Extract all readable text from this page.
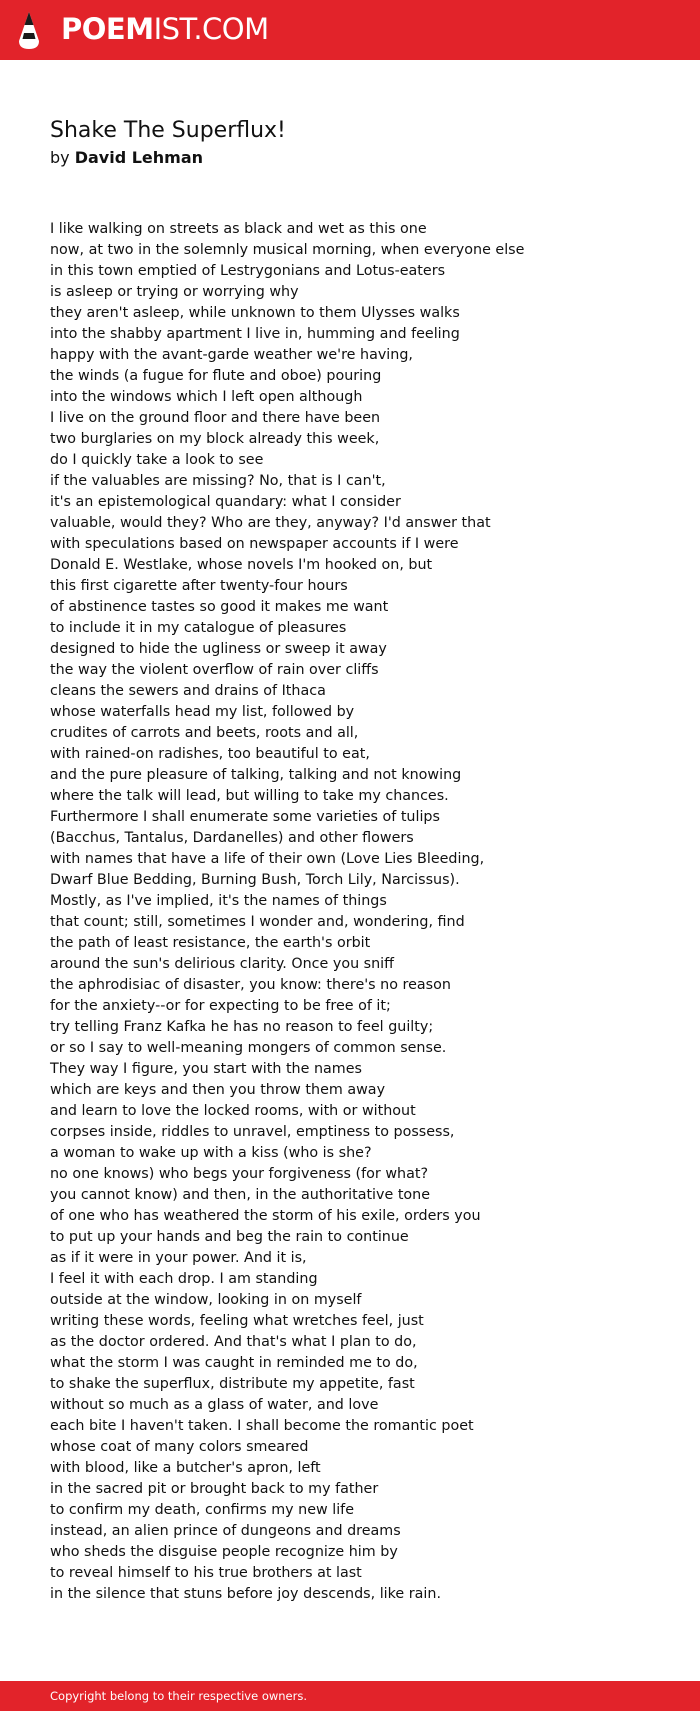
POEMIST.COM
Shake The Superflux!
by David Lehman
I like walking on streets as black and wet as this one
now, at two in the solemnly musical morning, when everyone else
in this town emptied of Lestrygonians and Lotus-eaters
is asleep or trying or worrying why
they aren't asleep, while unknown to them Ulysses walks
into the shabby apartment I live in, humming and feeling
happy with the avant-garde weather we're having,
the winds (a fugue for flute and oboe) pouring
into the windows which I left open although
I live on the ground floor and there have been
two burglaries on my block already this week,
do I quickly take a look to see
if the valuables are missing? No, that is I can't,
it's an epistemological quandary: what I consider
valuable, would they? Who are they, anyway? I'd answer that
with speculations based on newspaper accounts if I were
Donald E. Westlake, whose novels I'm hooked on, but
this first cigarette after twenty-four hours
of abstinence tastes so good it makes me want
to include it in my catalogue of pleasures
designed to hide the ugliness or sweep it away
the way the violent overflow of rain over cliffs
cleans the sewers and drains of Ithaca
whose waterfalls head my list, followed by
crudites of carrots and beets, roots and all,
with rained-on radishes, too beautiful to eat,
and the pure pleasure of talking, talking and not knowing
where the talk will lead, but willing to take my chances.
Furthermore I shall enumerate some varieties of tulips
(Bacchus, Tantalus, Dardanelles) and other flowers
with names that have a life of their own (Love Lies Bleeding,
Dwarf Blue Bedding, Burning Bush, Torch Lily, Narcissus).
Mostly, as I've implied, it's the names of things
that count; still, sometimes I wonder and, wondering, find
the path of least resistance, the earth's orbit
around the sun's delirious clarity. Once you sniff
the aphrodisiac of disaster, you know: there's no reason
for the anxiety--or for expecting to be free of it;
try telling Franz Kafka he has no reason to feel guilty;
or so I say to well-meaning mongers of common sense.
They way I figure, you start with the names
which are keys and then you throw them away
and learn to love the locked rooms, with or without
corpses inside, riddles to unravel, emptiness to possess,
a woman to wake up with a kiss (who is she?
no one knows) who begs your forgiveness (for what?
you cannot know) and then, in the authoritative tone
of one who has weathered the storm of his exile, orders you
to put up your hands and beg the rain to continue
as if it were in your power. And it is,
I feel it with each drop. I am standing
outside at the window, looking in on myself
writing these words, feeling what wretches feel, just
as the doctor ordered. And that's what I plan to do,
what the storm I was caught in reminded me to do,
to shake the superflux, distribute my appetite, fast
without so much as a glass of water, and love
each bite I haven't taken. I shall become the romantic poet
whose coat of many colors smeared
with blood, like a butcher's apron, left
in the sacred pit or brought back to my father
to confirm my death, confirms my new life
instead, an alien prince of dungeons and dreams
who sheds the disguise people recognize him by
to reveal himself to his true brothers at last
in the silence that stuns before joy descends, like rain.
Copyright belong to their respective owners.
